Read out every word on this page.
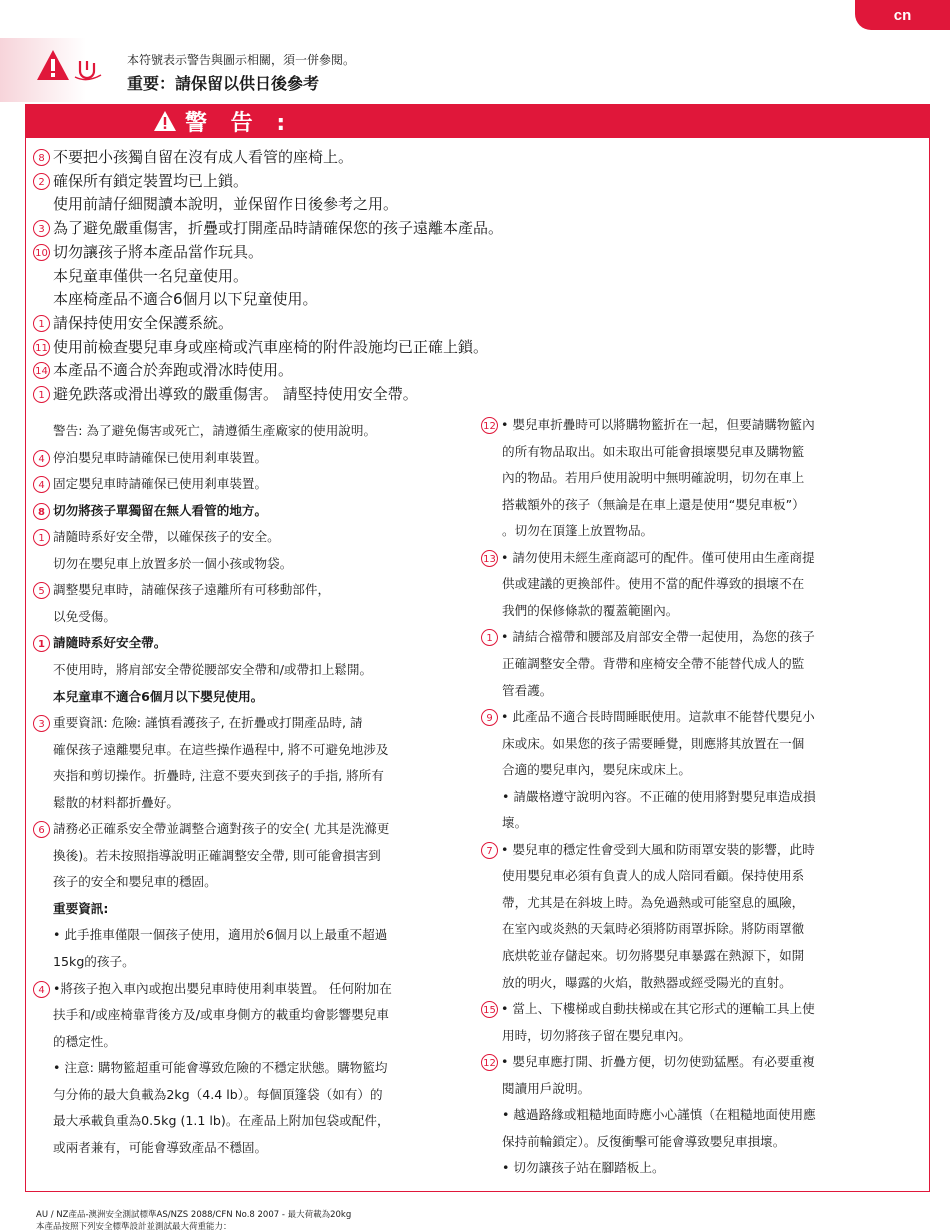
cn
本符號表示警告與圖示相關，須一併參閱。
重要：請保留以供日後參考
警 告 :
8 不要把小孩獨自留在沒有成人看管的座椅上。
2 確保所有鎖定裝置均已上鎖。
使用前請仔細閱讀本說明，並保留作日後參考之用。
3 為了避免嚴重傷害，折疊或打開產品時請確保您的孩子遠離本產品。
10 切勿讓孩子將本產品當作玩具。
本兒童車僅供一名兒童使用。
本座椅產品不適合6個月以下兒童使用。
1 請保持使用安全保護系統。
11 使用前檢查嬰兒車身或座椅或汽車座椅的附件設施均已正確上鎖。
14 本產品不適合於奔跑或滑冰時使用。
1 避免跌落或滑出導致的嚴重傷害。 請堅持使用安全帶。
警告: 為了避免傷害或死亡，請遵循生產廠家的使用說明。
4 停泊嬰兒車時請確保已使用剎車裝置。
4 固定嬰兒車時請確保已使用剎車裝置。
8 切勿將孩子單獨留在無人看管的地方。
1 請隨時系好安全帶，以確保孩子的安全。
切勿在嬰兒車上放置多於一個小孩或物袋。
5 調整嬰兒車時，請確保孩子遠離所有可移動部件，
以免受傷。
1 請隨時系好安全帶。
不使用時，將肩部安全帶從腰部安全帶和/或帶扣上鬆開。
本兒童車不適合6個月以下嬰兒使用。
3 重要資訊: 危險: 謹慎看護孩子, 在折疊或打開產品時, 請
確保孩子遠離嬰兒車。在這些操作過程中, 將不可避免地涉及
夾指和剪切操作。折疊時, 注意不要夾到孩子的手指, 將所有
鬆散的材料都折疊好。
6 請務必正確系安全帶並調整合適對孩子的安全( 尤其是洗滌更
換後)。若未按照指導說明正確調整安全帶, 則可能會損害到
孩子的安全和嬰兒車的穩固。
重要資訊:
• 此手推車僅限一個孩子使用，適用於6個月以上最重不超過
15kg的孩子。
4 •將孩子抱入車內或抱出嬰兒車時使用剎車裝置。 任何附加在
扶手和/或座椅靠背後方及/或車身側方的載重均會影響嬰兒車
的穩定性。
• 注意: 購物籃超重可能會導致危險的不穩定狀態。購物籃均
勻分佈的最大負載為2kg（4.4 lb）。每個頂篷袋（如有）的
最大承載負重為0.5kg (1.1 lb)。在產品上附加包袋或配件，
或兩者兼有，可能會導致產品不穩固。
12 • 嬰兒車折疊時可以將購物籃折在一起，但要請購物籃內
的所有物品取出。如未取出可能會損壞嬰兒車及購物籃
內的物品。若用戶使用說明中無明確說明，切勿在車上
搭載額外的孩子（無論是在車上還是使用“嬰兒車板”）
。切勿在頂篷上放置物品。
13 • 請勿使用未經生產商認可的配件。僅可使用由生產商提
供或建議的更換部件。使用不當的配件導致的損壞不在
我們的保修條款的覆蓋範圍內。
1 • 請結合襠帶和腰部及肩部安全帶一起使用，為您的孩子
正確調整安全帶。背帶和座椅安全帶不能替代成人的監
管看護。
9 • 此產品不適合長時間睡眠使用。這款車不能替代嬰兒小
床或床。如果您的孩子需要睡覺，則應將其放置在一個
合適的嬰兒車內，嬰兒床或床上。
• 請嚴格遵守說明內容。不正確的使用將對嬰兒車造成損
壞。
7 • 嬰兒車的穩定性會受到大風和防雨罩安裝的影響，此時
使用嬰兒車必須有負責人的成人陪同看顧。保持使用系
帶，尤其是在斜坡上時。為免過熱或可能窒息的風險，
在室內或炎熱的天氣時必須將防雨罩拆除。將防雨罩徹
底烘乾並存儲起來。切勿將嬰兒車暴露在熱源下，如開
放的明火，曝露的火焰，散熱器或經受陽光的直射。
15 • 當上、下樓梯或自動扶梯或在其它形式的運輸工具上使
用時，切勿將孩子留在嬰兒車內。
12 • 嬰兒車應打開、折疊方便，切勿使勁猛壓。有必要重複
閱讀用戶說明。
• 越過路緣或粗糙地面時應小心謹慎（在粗糙地面使用應
保持前輪鎖定）。反復衝擊可能會導致嬰兒車損壞。
• 切勿讓孩子站在腳踏板上。
AU / NZ產品-澳洲安全測試標準AS/NZS 2088/CFN No.8 2007 - 最大荷載為20kg
本產品按照下列安全標準設計並測試最大荷重能力：
